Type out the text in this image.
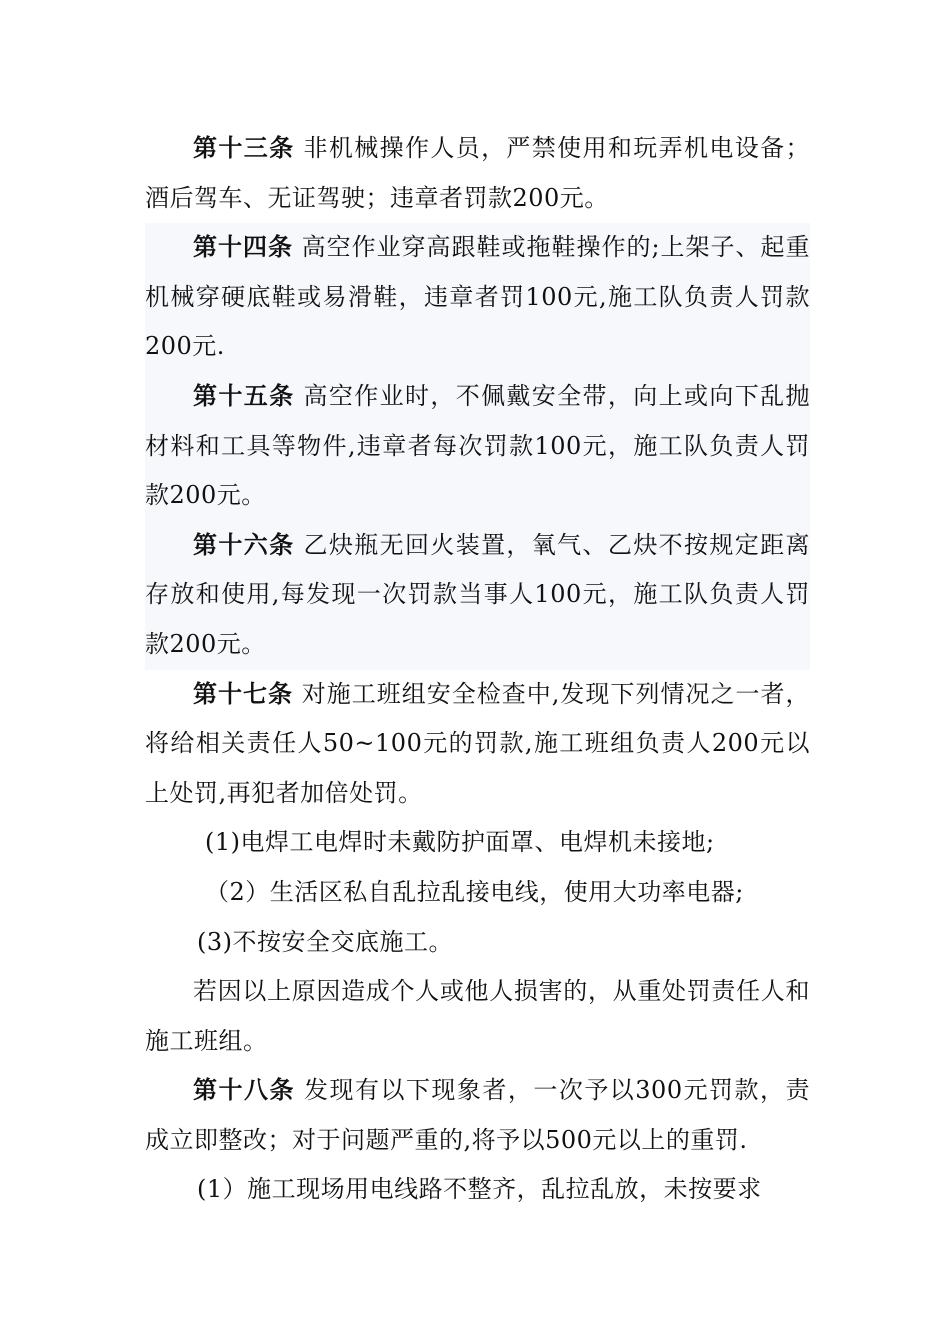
第十三条 非机械操作人员，严禁使用和玩弄机电设备；酒后驾车、无证驾驶；违章者罚款200元。

第十四条 高空作业穿高跟鞋或拖鞋操作的;上架子、起重机械穿硬底鞋或易滑鞋，违章者罚100元,施工队负责人罚款200元.

第十五条 高空作业时，不佩戴安全带，向上或向下乱抛材料和工具等物件,违章者每次罚款100元，施工队负责人罚款200元。

第十六条 乙炔瓶无回火装置，氧气、乙炔不按规定距离存放和使用,每发现一次罚款当事人100元，施工队负责人罚款200元。

第十七条 对施工班组安全检查中,发现下列情况之一者，将给相关责任人50~100元的罚款,施工班组负责人200元以上处罚,再犯者加倍处罚。

(1)电焊工电焊时未戴防护面罩、电焊机未接地;

（2）生活区私自乱拉乱接电线，使用大功率电器;

(3)不按安全交底施工。

若因以上原因造成个人或他人损害的，从重处罚责任人和施工班组。

第十八条 发现有以下现象者，一次予以300元罚款，责成立即整改；对于问题严重的,将予以500元以上的重罚.

(1）施工现场用电线路不整齐，乱拉乱放，未按要求
